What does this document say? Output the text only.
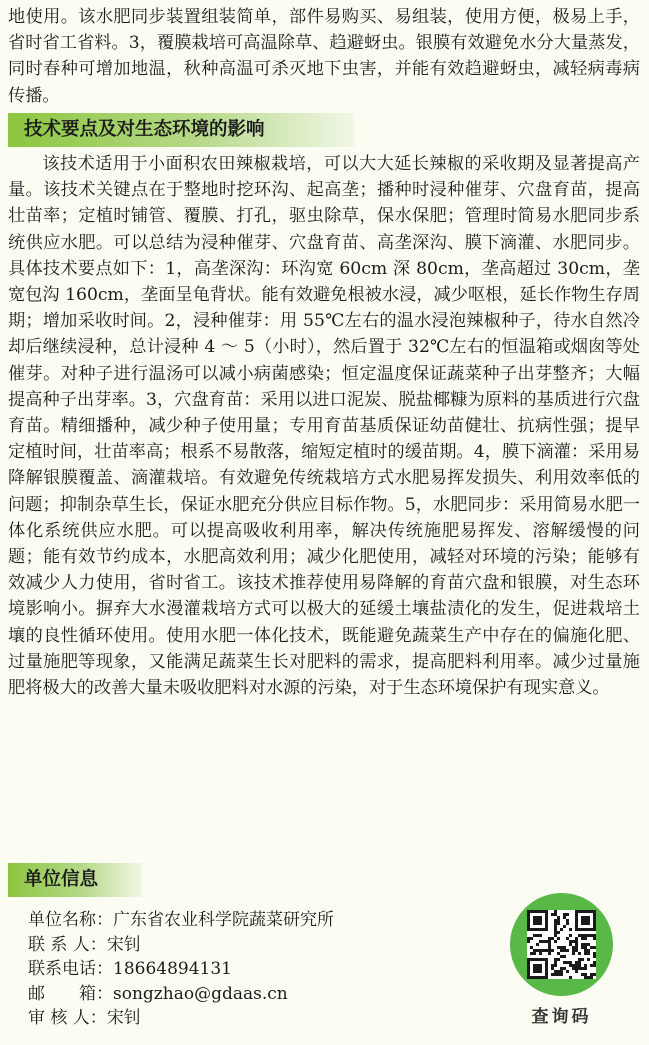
地使用。该水肥同步装置组装简单，部件易购买、易组装，使用方便，极易上手，省时省工省料。3，覆膜栽培可高温除草、趋避蚜虫。银膜有效避免水分大量蒸发，同时春种可增加地温，秋种高温可杀灭地下虫害，并能有效趋避蚜虫，减轻病毒病传播。

技术要点及对生态环境的影响

该技术适用于小面积农田辣椒栽培，可以大大延长辣椒的采收期及显著提高产量。该技术关键点在于整地时挖环沟、起高垄；播种时浸种催芽、穴盘育苗，提高壮苗率；定植时铺管、覆膜、打孔，驱虫除草，保水保肥；管理时简易水肥同步系统供应水肥。可以总结为浸种催芽、穴盘育苗、高垄深沟、膜下滴灌、水肥同步。具体技术要点如下：1，高垄深沟：环沟宽 60cm 深 80cm，垄高超过 30cm，垄宽包沟 160cm，垄面呈龟背状。能有效避免根被水浸，减少呕根，延长作物生存周期；增加采收时间。2，浸种催芽：用 55℃左右的温水浸泡辣椒种子，待水自然冷却后继续浸种，总计浸种 4 ～ 5（小时），然后置于 32℃左右的恒温箱或烟囱等处催芽。对种子进行温汤可以减小病菌感染；恒定温度保证蔬菜种子出芽整齐；大幅提高种子出芽率。3，穴盘育苗：采用以进口泥炭、脱盐椰糠为原料的基质进行穴盘育苗。精细播种，减少种子使用量；专用育苗基质保证幼苗健壮、抗病性强；提早定植时间，壮苗率高；根系不易散落，缩短定植时的缓苗期。4，膜下滴灌：采用易降解银膜覆盖、滴灌栽培。有效避免传统栽培方式水肥易挥发损失、利用效率低的问题；抑制杂草生长，保证水肥充分供应目标作物。5，水肥同步：采用简易水肥一体化系统供应水肥。可以提高吸收利用率，解决传统施肥易挥发、溶解缓慢的问题；能有效节约成本，水肥高效利用；减少化肥使用，减轻对环境的污染；能够有效减少人力使用，省时省工。该技术推荐使用易降解的育苗穴盘和银膜，对生态环境影响小。摒弃大水漫灌栽培方式可以极大的延缓土壤盐渍化的发生，促进栽培土壤的良性循环使用。使用水肥一体化技术，既能避免蔬菜生产中存在的偏施化肥、过量施肥等现象，又能满足蔬菜生长对肥料的需求，提高肥料利用率。减少过量施肥将极大的改善大量未吸收肥料对水源的污染，对于生态环境保护有现实意义。

单位信息
单位名称：广东省农业科学院蔬菜研究所
联 系 人：宋钊
联系电话：18664894131
邮　　箱：songzhao@gdaas.cn
审 核 人：宋钊	查询码
